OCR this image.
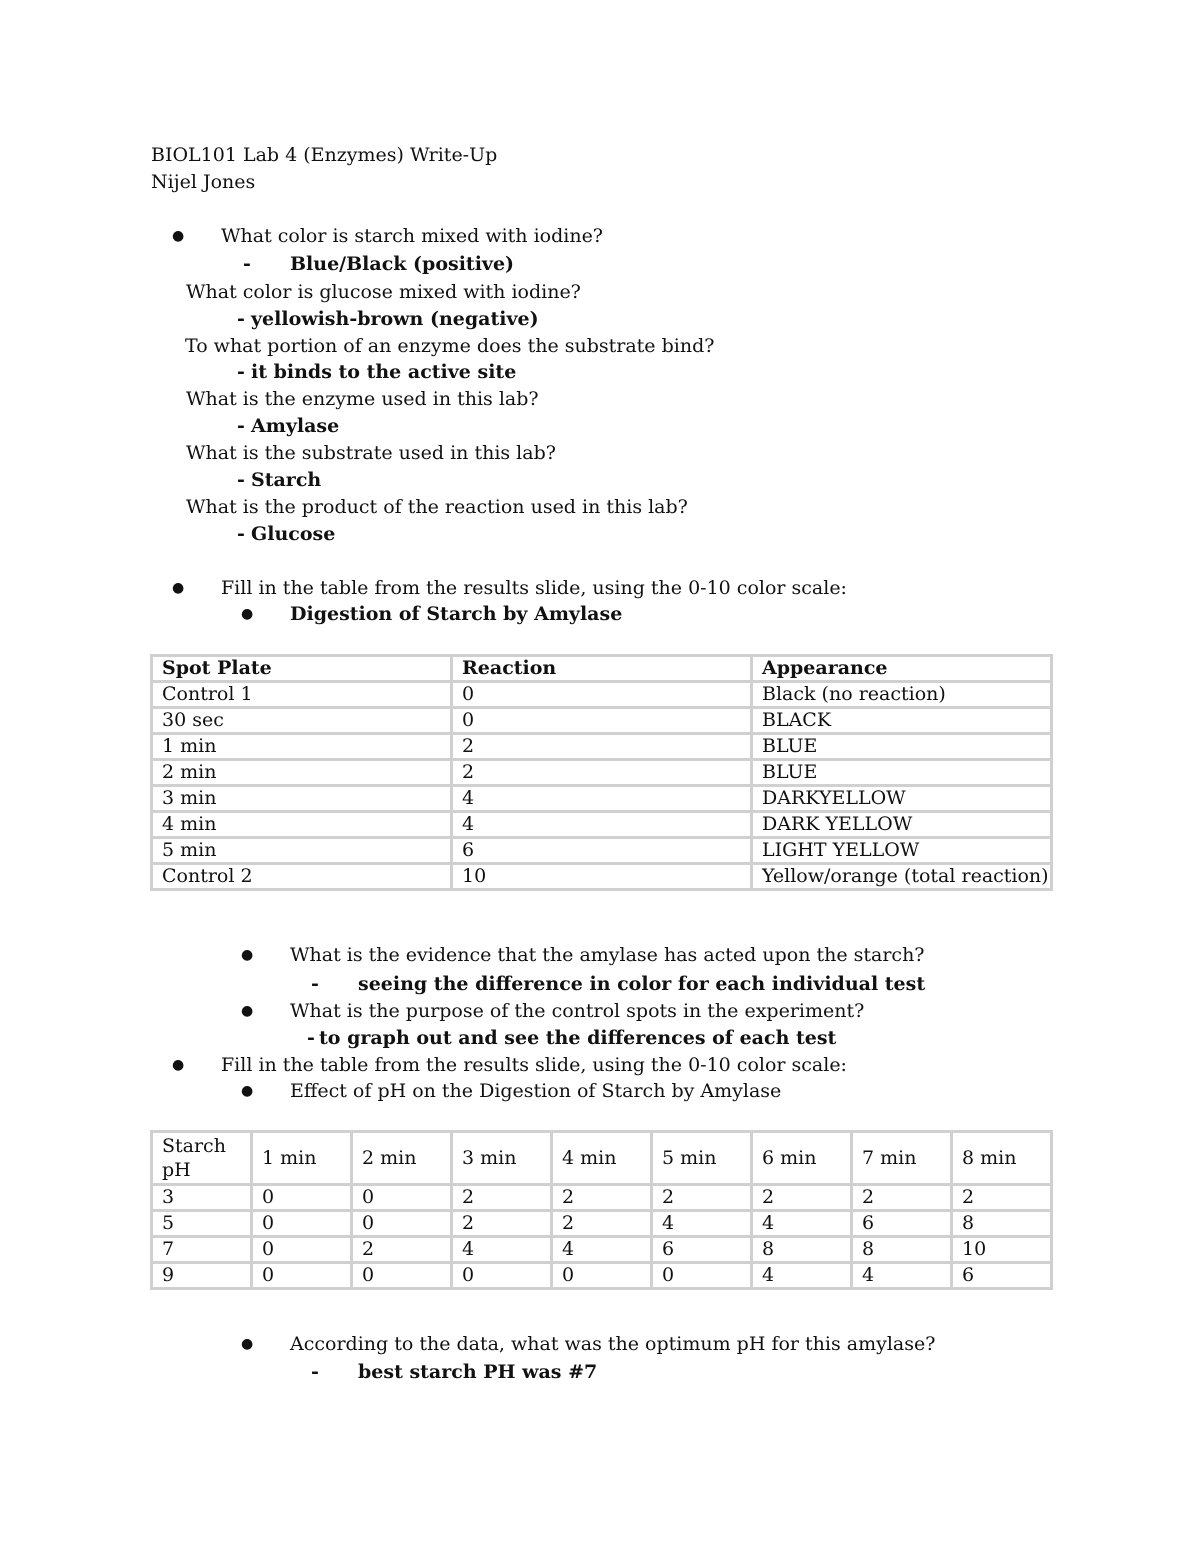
BIOL101 Lab 4 (Enzymes) Write-Up
Nijel Jones
● What color is starch mixed with iodine?
- Blue/Black (positive)
What color is glucose mixed with iodine?
- yellowish-brown (negative)
To what portion of an enzyme does the substrate bind?
- it binds to the active site
What is the enzyme used in this lab?
- Amylase
What is the substrate used in this lab?
- Starch
What is the product of the reaction used in this lab?
- Glucose
● Fill in the table from the results slide, using the 0-10 color scale:
● Digestion of Starch by Amylase
Spot Plate	Reaction	Appearance
Control 1	0	Black (no reaction)
30 sec	0	BLACK
1 min	2	BLUE
2 min	2	BLUE
3 min	4	DARKYELLOW
4 min	4	DARK YELLOW
5 min	6	LIGHT YELLOW
Control 2	10	Yellow/orange (total reaction)
● What is the evidence that the amylase has acted upon the starch?
- seeing the difference in color for each individual test
● What is the purpose of the control spots in the experiment?
- to graph out and see the differences of each test
● Fill in the table from the results slide, using the 0-10 color scale:
● Effect of pH on the Digestion of Starch by Amylase
Starch pH	1 min	2 min	3 min	4 min	5 min	6 min	7 min	8 min
3	0	0	2	2	2	2	2	2
5	0	0	2	2	4	4	6	8
7	0	2	4	4	6	8	8	10
9	0	0	0	0	0	4	4	6
● According to the data, what was the optimum pH for this amylase?
- best starch PH was #7
